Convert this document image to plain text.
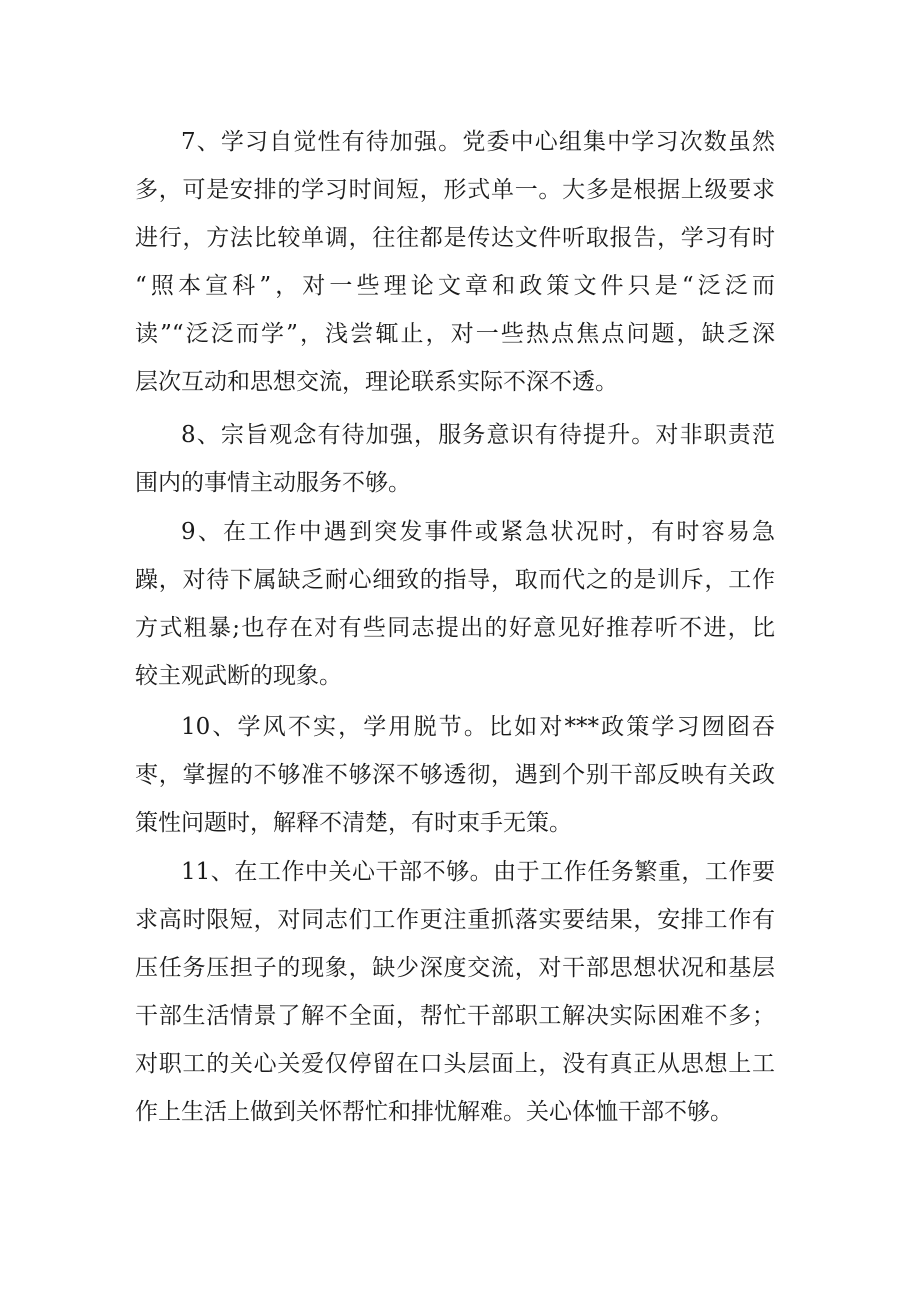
7、学习自觉性有待加强。党委中心组集中学习次数虽然
多，可是安排的学习时间短，形式单一。大多是根据上级要求
进行，方法比较单调，往往都是传达文件听取报告，学习有时
“照本宣科”，对一些理论文章和政策文件只是“泛泛而
读”“泛泛而学”，浅尝辄止，对一些热点焦点问题，缺乏深
层次互动和思想交流，理论联系实际不深不透。
8、宗旨观念有待加强，服务意识有待提升。对非职责范
围内的事情主动服务不够。
9、在工作中遇到突发事件或紧急状况时，有时容易急
躁，对待下属缺乏耐心细致的指导，取而代之的是训斥，工作
方式粗暴;也存在对有些同志提出的好意见好推荐听不进，比
较主观武断的现象。
10、学风不实，学用脱节。比如对***政策学习囫囵吞
枣，掌握的不够准不够深不够透彻，遇到个别干部反映有关政
策性问题时，解释不清楚，有时束手无策。
11、在工作中关心干部不够。由于工作任务繁重，工作要
求高时限短，对同志们工作更注重抓落实要结果，安排工作有
压任务压担子的现象，缺少深度交流，对干部思想状况和基层
干部生活情景了解不全面，帮忙干部职工解决实际困难不多；
对职工的关心关爱仅停留在口头层面上，没有真正从思想上工
作上生活上做到关怀帮忙和排忧解难。关心体恤干部不够。
